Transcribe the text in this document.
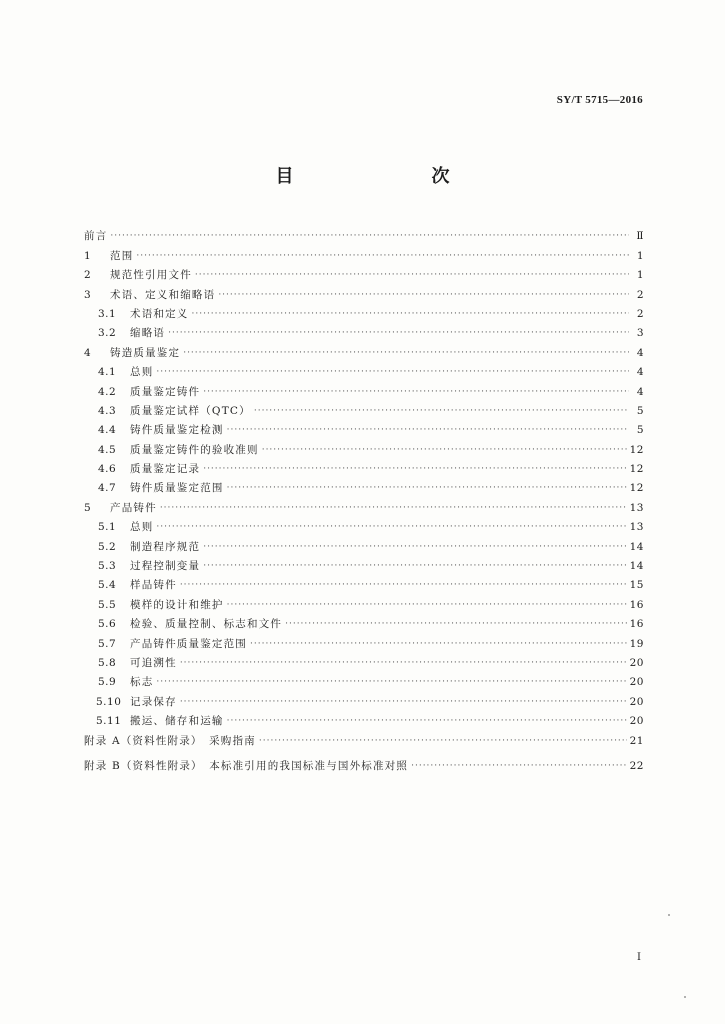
SY/T 5715—2016
目　　次
前言 ·····	Ⅱ
1	范围 ·····	1
2	规范性引用文件 ·····	1
3	术语、定义和缩略语 ·····	2
3.1	术语和定义 ·····	2
3.2	缩略语 ·····	3
4	铸造质量鉴定 ·····	4
4.1	总则 ·····	4
4.2	质量鉴定铸件 ·····	4
4.3	质量鉴定试样（QTC） ·····	5
4.4	铸件质量鉴定检测 ·····	5
4.5	质量鉴定铸件的验收准则 ·····	12
4.6	质量鉴定记录 ·····	12
4.7	铸件质量鉴定范围 ·····	12
5	产品铸件 ·····	13
5.1	总则 ·····	13
5.2	制造程序规范 ·····	14
5.3	过程控制变量 ·····	14
5.4	样品铸件 ·····	15
5.5	模样的设计和维护 ·····	16
5.6	检验、质量控制、标志和文件 ·····	16
5.7	产品铸件质量鉴定范围 ·····	19
5.8	可追溯性 ·····	20
5.9	标志 ·····	20
5.10 记录保存 ·····	20
5.11 搬运、储存和运输 ·····	20
附录 A（资料性附录）　采购指南 ·····	21
附录 B（资料性附录）　本标准引用的我国标准与国外标准对照 ·····	22
I
